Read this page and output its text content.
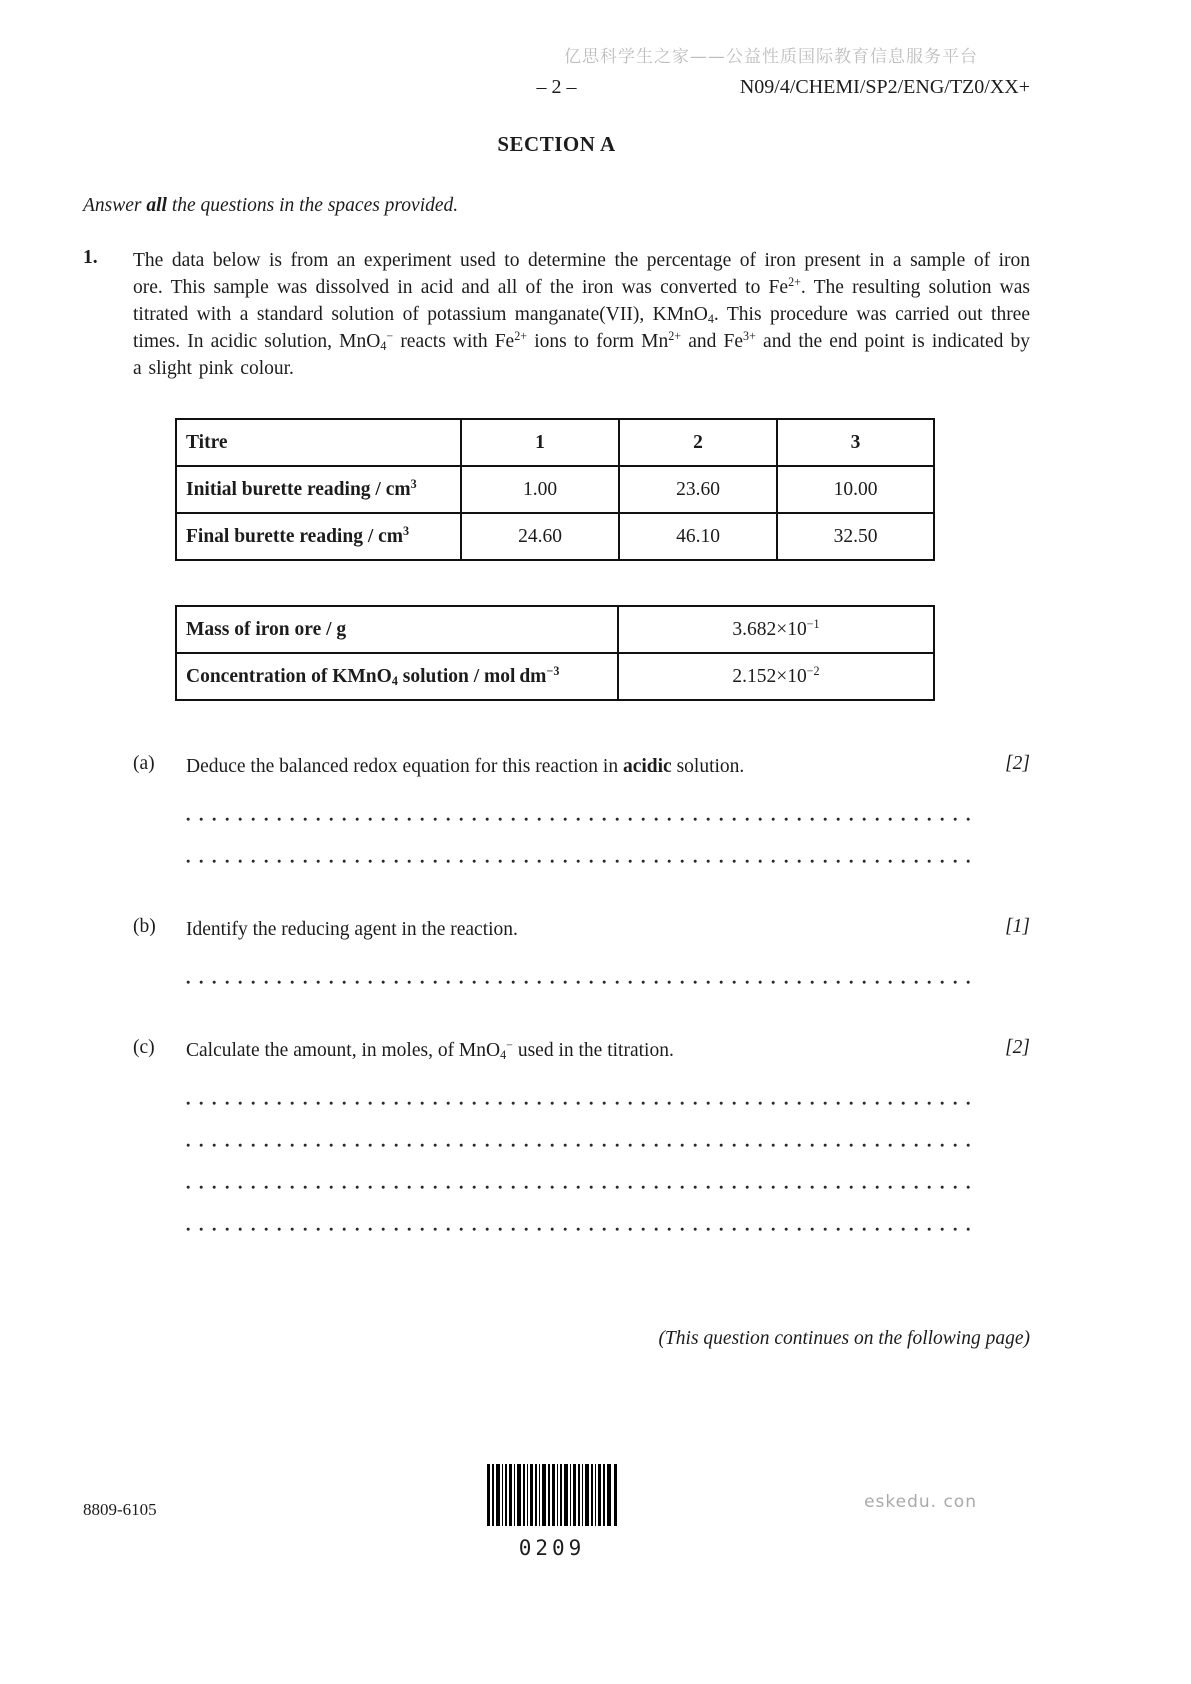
亿思科学生之家——公益性质国际教育信息服务平台
– 2 –	N09/4/CHEMI/SP2/ENG/TZ0/XX+
SECTION A
Answer all the questions in the spaces provided.
1.	The data below is from an experiment used to determine the percentage of iron present in a sample of iron ore. This sample was dissolved in acid and all of the iron was converted to $Fe^{2+}$. The resulting solution was titrated with a standard solution of potassium manganate(VII), KMnO$_4$. This procedure was carried out three times. In acidic solution, MnO$_4$− reacts with $Fe^{2+}$ ions to form $Mn^{2+}$ and $Fe^{3+}$ and the end point is indicated by a slight pink colour.
Titre	1	2	3
Initial burette reading / $cm^3$	1.00	23.60	10.00
Final burette reading / $cm^3$	24.60	46.10	32.50
Mass of iron ore / g	$3.682\times 10^{-1}$
Concentration of KMnO$_4$ solution / mol $dm^{-3}$	$2.152\times 10^{-2}$
(a)	Deduce the balanced redox equation for this reaction in acidic solution.	[2]
(b)	Identify the reducing agent in the reaction.	[1]
(c)	Calculate the amount, in moles, of MnO$_4$− used in the titration.	[2]
(This question continues on the following page)
8809-6105
0209
eskedu. con
